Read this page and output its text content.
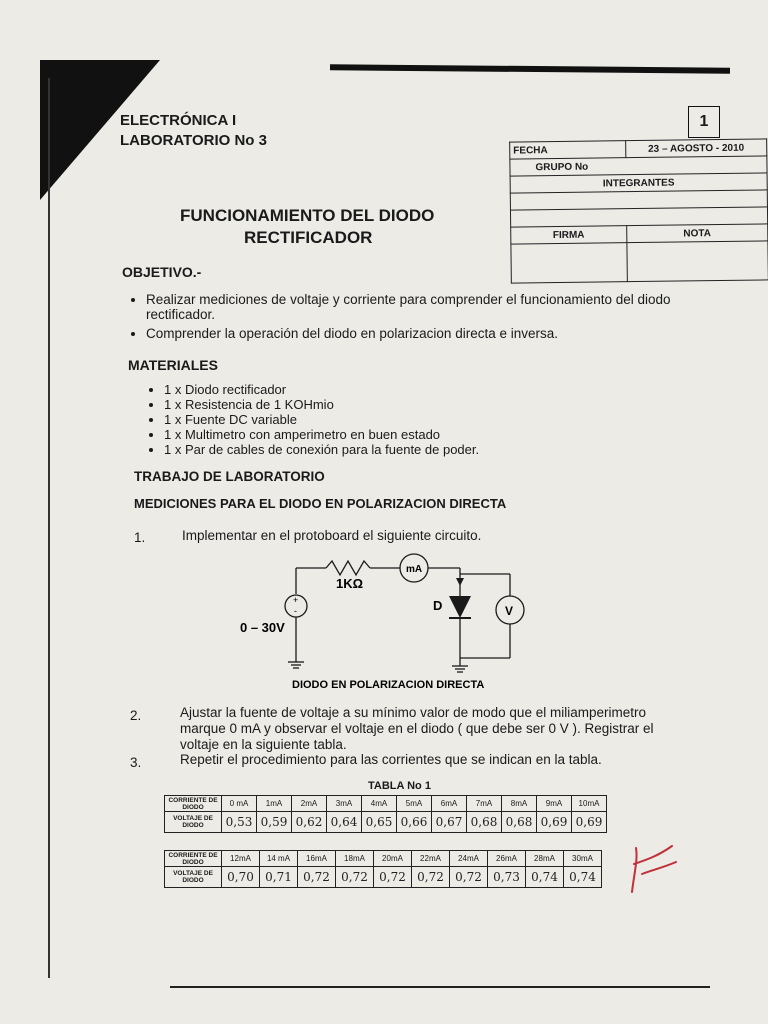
ELECTRÓNICA I
LABORATORIO No 3
1
FECHA	23 – AGOSTO - 2010
GRUPO No	
INTEGRANTES	

FIRMA	NOTA

FUNCIONAMIENTO DEL DIODO
RECTIFICADOR
OBJETIVO.-
• Realizar mediciones de voltaje y corriente para comprender el funcionamiento del diodo rectificador.
• Comprender la operación del diodo en polarizacion directa e inversa.
MATERIALES
• 1 x Diodo rectificador
• 1 x Resistencia de 1 KOHmio
• 1 x Fuente DC variable
• 1 x Multimetro con amperimetro en buen estado
• 1 x Par de cables de conexión para la fuente de poder.
TRABAJO DE LABORATORIO
MEDICIONES PARA EL DIODO EN POLARIZACION DIRECTA
1.	Implementar en el protoboard el siguiente circuito.
1KΩ
mA
+
-
0 – 30V
D	V
DIODO EN POLARIZACION DIRECTA
2.	Ajustar la fuente de voltaje a su mínimo valor de modo que el miliamperimetro marque 0 mA y observar el voltaje en el diodo ( que debe ser 0 V ). Registrar el voltaje en la siguiente tabla.
3.	Repetir el procedimiento para las corrientes que se indican en la tabla.
TABLA No 1
CORRIENTE DE DIODO	0 mA	1mA	2mA	3mA	4mA	5mA	6mA	7mA	8mA	9mA	10mA
VOLTAJE DE DIODO	0,53	0,59	0,62	0,64	0,65	0,66	0,67	0,68	0,68	0,69	0,69
CORRIENTE DE DIODO	12mA	14 mA	16mA	18mA	20mA	22mA	24mA	26mA	28mA	30mA
VOLTAJE DE DIODO	0,70	0,71	0,72	0,72	0,72	0,72	0,72	0,73	0,74	0,74
